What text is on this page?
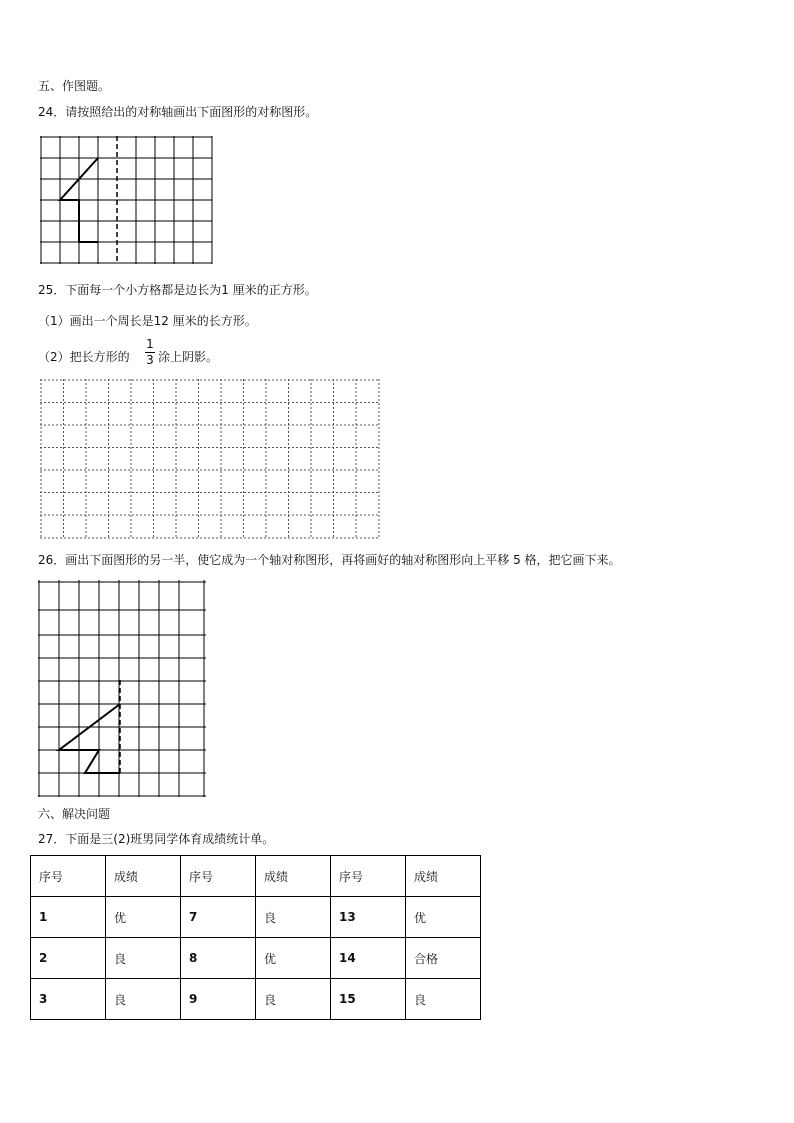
五、作图题。
24．请按照给出的对称轴画出下面图形的对称图形。
25．下面每一个小方格都是边长为1 厘米的正方形。
（1）画出一个周长是12 厘米的长方形。
（2）把长方形的
1
3 涂上阴影。
26．画出下面图形的另一半，使它成为一个轴对称图形，再将画好的轴对称图形向上平移 5 格，把它画下来。
六、解决问题
27．下面是三(2)班男同学体育成绩统计单。
序号	成绩	序号	成绩	序号	成绩
1	优	7	良	13	优
2	良	8	优	14	合格
3	良	9	良	15	良
